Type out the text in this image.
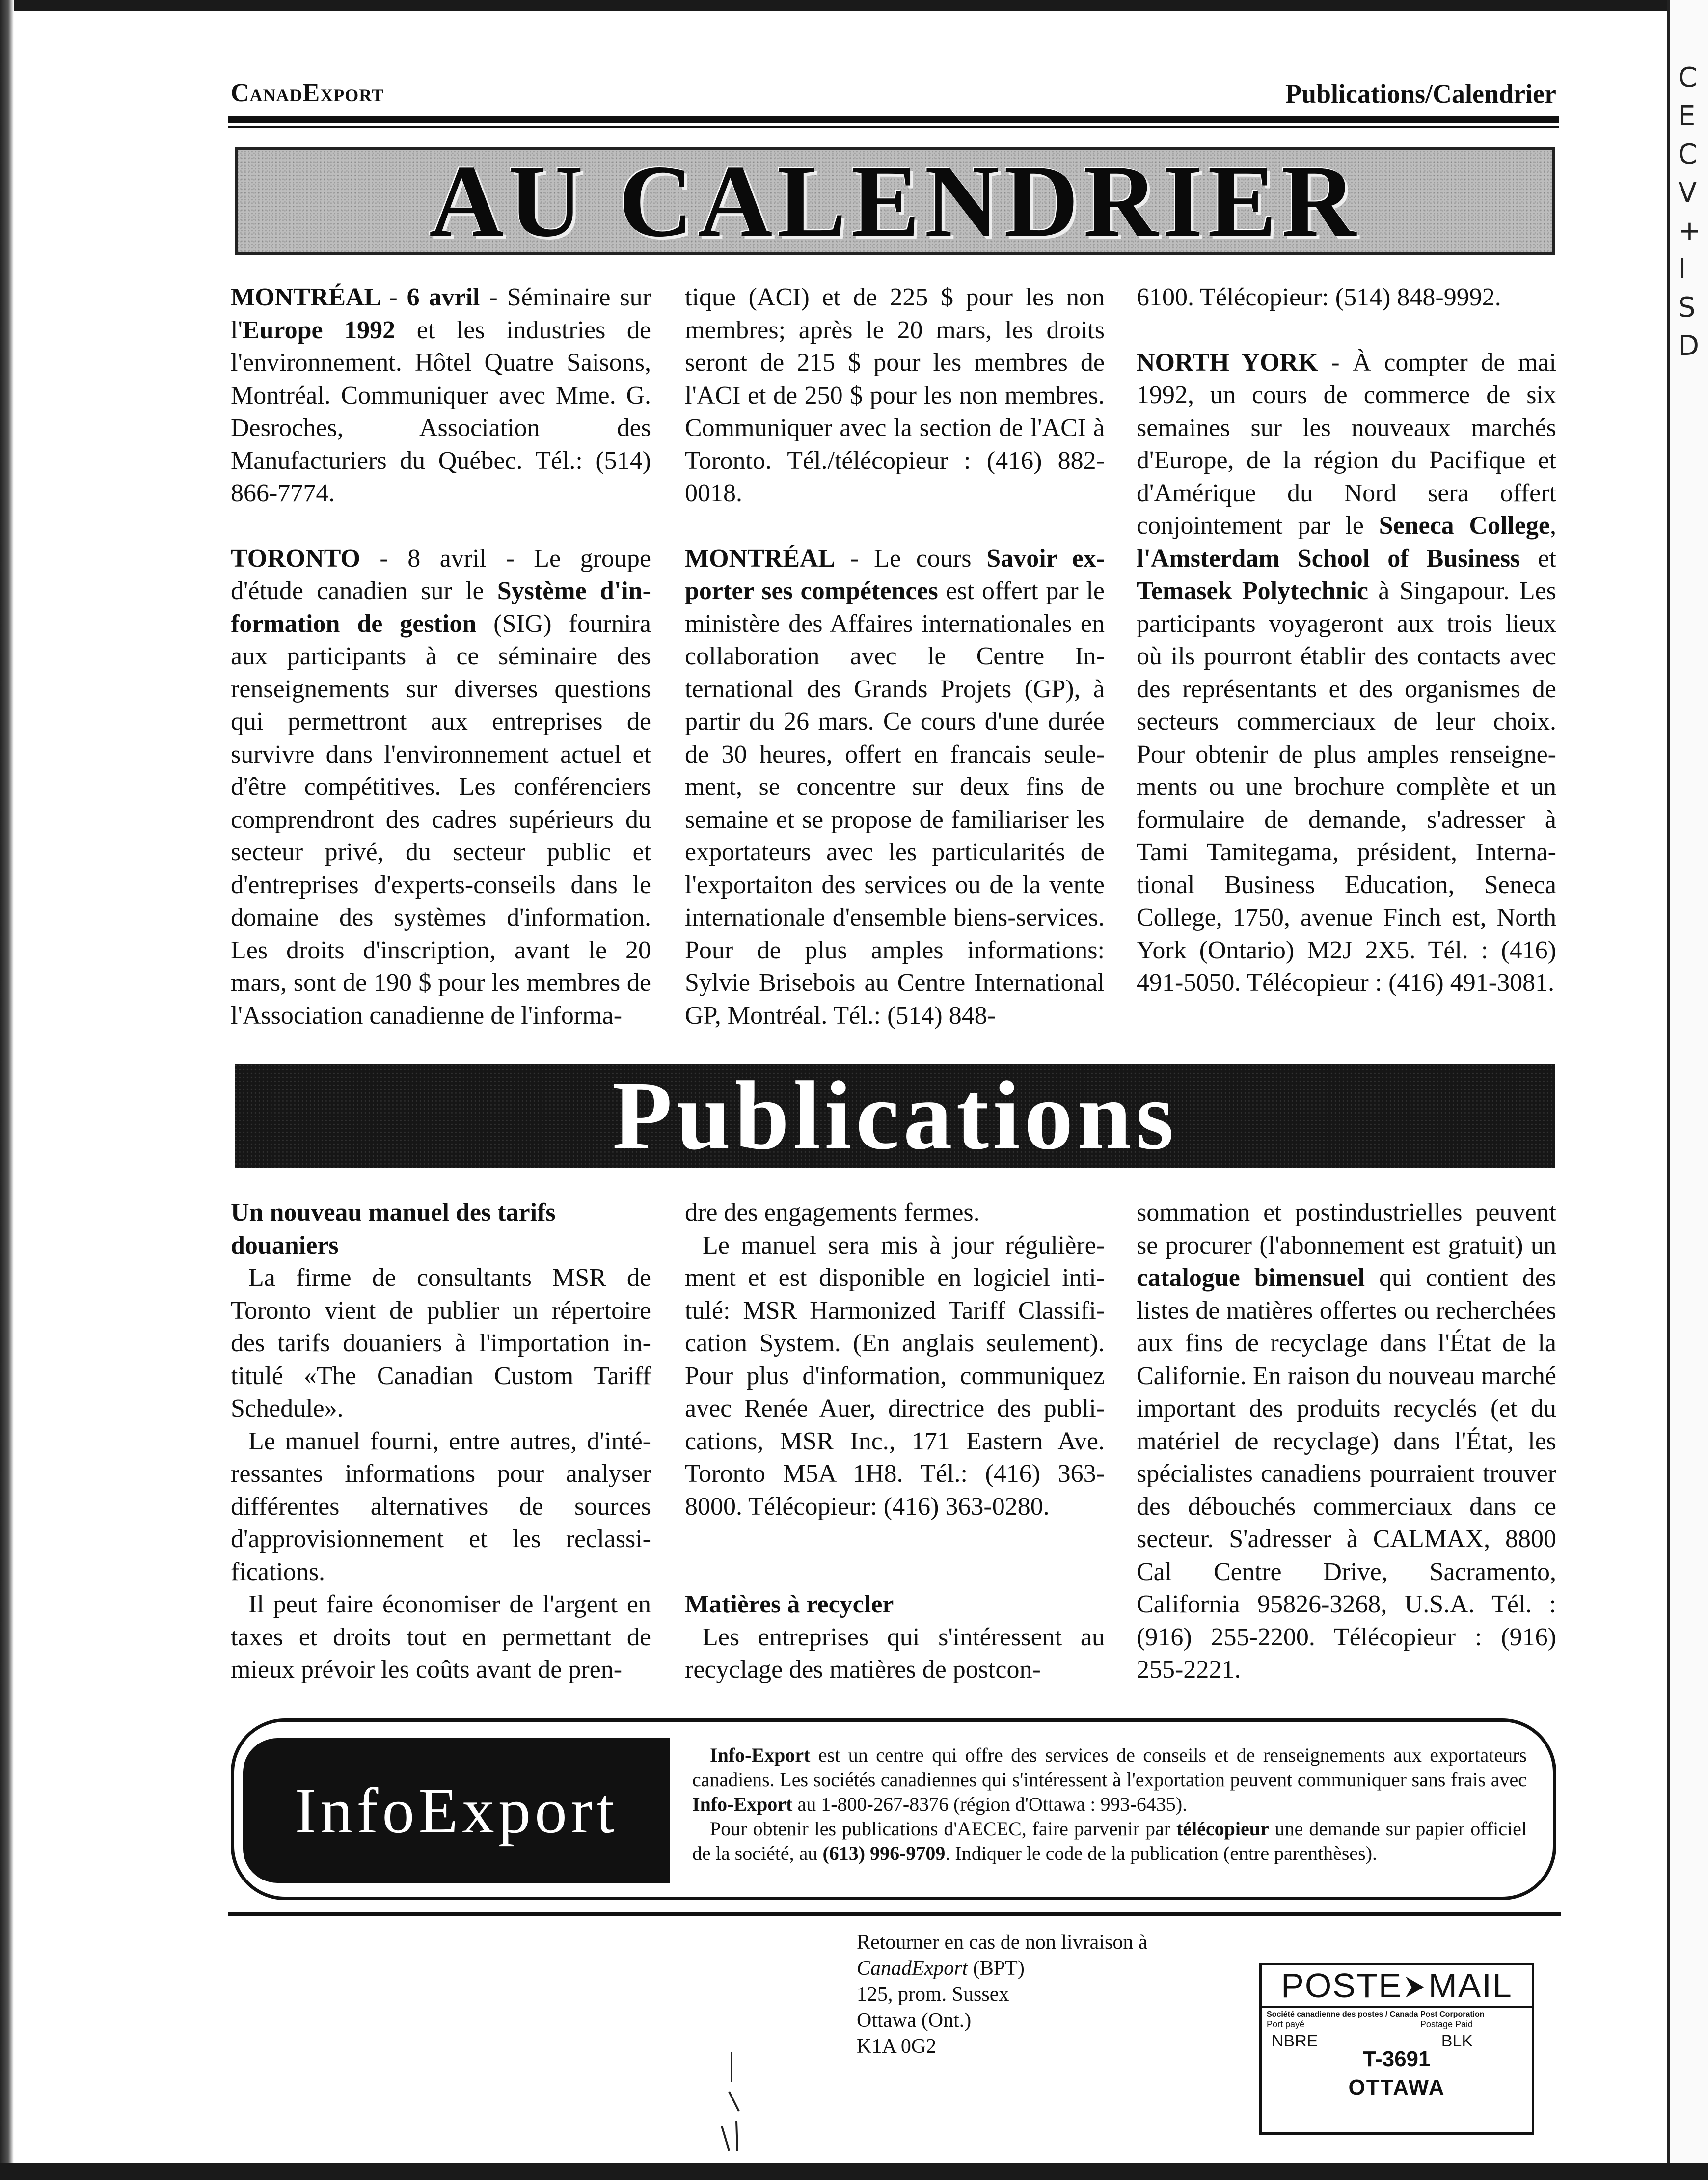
C
E
C
V
+
I
S
D
CanadExport	Publications/Calendrier
AU CALENDRIER

MONTRÉAL - 6 avril - Séminaire sur l'Europe 1992 et les industries de l'environnement. Hôtel Quatre Saisons, Montréal. Communiquer avec Mme. G. Desroches, Association des Manufacturiers du Québec. Tél.: (514) 866-7774.

TORONTO - 8 avril - Le groupe d'étude canadien sur le Système d'information de gestion (SIG) fournira aux participants à ce séminaire des renseignements sur diverses questions qui permettront aux entreprises de survivre dans l'environnement actuel et d'être compétitives. Les conférenciers comprendront des cadres supérieurs du secteur privé, du secteur public et d'entreprises d'experts-conseils dans le domaine des systèmes d'information. Les droits d'inscription, avant le 20 mars, sont de 190 $ pour les membres de l'Association canadienne de l'informa-

tique (ACI) et de 225 $ pour les non membres; après le 20 mars, les droits seront de 215 $ pour les membres de l'ACI et de 250 $ pour les non membres. Communiquer avec la section de l'ACI à Toronto. Tél./télécopieur : (416) 882-0018.

MONTRÉAL - Le cours Savoir exporter ses compétences est offert par le ministère des Affaires internationales en collaboration avec le Centre International des Grands Projets (GP), à partir du 26 mars. Ce cours d'une durée de 30 heures, offert en francais seulement, se concentre sur deux fins de semaine et se propose de familiariser les exportateurs avec les particularités de l'exportaiton des services ou de la vente internationale d'ensemble biens-services. Pour de plus amples informations: Sylvie Brisebois au Centre International GP, Montréal. Tél.: (514) 848-

6100. Télécopieur: (514) 848-9992.

NORTH YORK - À compter de mai 1992, un cours de commerce de six semaines sur les nouveaux marchés d'Europe, de la région du Pacifique et d'Amérique du Nord sera offert conjointement par le Seneca College, l'Amsterdam School of Business et Temasek Polytechnic à Singapour. Les participants voyageront aux trois lieux où ils pourront établir des contacts avec des représentants et des organismes de secteurs commerciaux de leur choix. Pour obtenir de plus amples renseignements ou une brochure complète et un formulaire de demande, s'adresser à Tami Tamitegama, président, International Business Education, Seneca College, 1750, avenue Finch est, North York (Ontario) M2J 2X5. Tél. : (416) 491-5050. Télécopieur : (416) 491-3081.

Publications
Un nouveau manuel des tarifs douaniers
La firme de consultants MSR de Toronto vient de publier un répertoire des tarifs douaniers à l'importation intitulé «The Canadian Custom Tariff Schedule».
Le manuel fourni, entre autres, d'intéressantes informations pour analyser différentes alternatives de sources d'approvisionnement et les reclassifications.
Il peut faire économiser de l'argent en taxes et droits tout en permettant de mieux prévoir les coûts avant de pren-
dre des engagements fermes.
Le manuel sera mis à jour régulièrement et est disponible en logiciel intitulé: MSR Harmonized Tariff Classification System. (En anglais seulement). Pour plus d'information, communiquez avec Renée Auer, directrice des publications, MSR Inc., 171 Eastern Ave. Toronto M5A 1H8. Tél.: (416) 363-8000. Télécopieur: (416) 363-0280.
Matières à recycler
Les entreprises qui s'intéressent au recyclage des matières de postcon-
sommation et postindustrielles peuvent se procurer (l'abonnement est gratuit) un catalogue bimensuel qui contient des listes de matières offertes ou recherchées aux fins de recyclage dans l'État de la Californie. En raison du nouveau marché important des produits recyclés (et du matériel de recyclage) dans l'État, les spécialistes canadiens pourraient trouver des débouchés commerciaux dans ce secteur. S'adresser à CALMAX, 8800 Cal Centre Drive, Sacramento, California 95826-3268, U.S.A. Tél. : (916) 255-2200. Télécopieur : (916) 255-2221.
InfoExport

Info-Export est un centre qui offre des services de conseils et de renseignements aux exportateurs canadiens. Les sociétés canadiennes qui s'intéressent à l'exportation peuvent communiquer sans frais avec Info-Export au 1-800-267-8376 (région d'Ottawa : 993-6435).

Pour obtenir les publications d'AECEC, faire parvenir par télécopieur une demande sur papier officiel de la société, au (613) 996-9709. Indiquer le code de la publication (entre parenthèses).

Retourner en cas de non livraison à
CanadExport (BPT)
125, prom. Sussex
Ottawa (Ont.)
K1A 0G2
POSTE ⮞ MAIL
Société canadienne des postes / Canada Post Corporation
Port payé	Postage Paid
NBRE	BLK
T-3691
OTTAWA
